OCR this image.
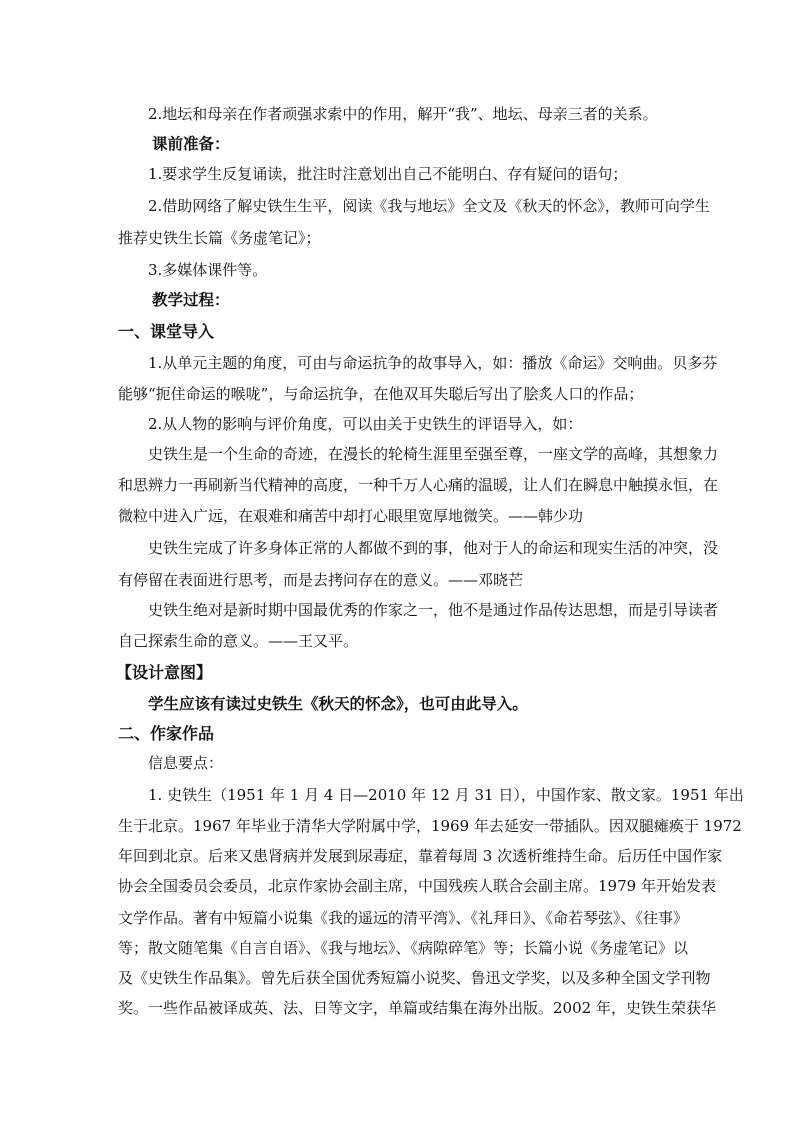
2.地坛和母亲在作者顽强求索中的作用，解开“我”、地坛、母亲三者的关系。
课前准备：
1.要求学生反复诵读，批注时注意划出自己不能明白、存有疑问的语句；
2.借助网络了解史铁生生平，阅读《我与地坛》全文及《秋天的怀念》，教师可向学生
推荐史铁生长篇《务虚笔记》；
3.多媒体课件等。
教学过程：
一、课堂导入
1.从单元主题的角度，可由与命运抗争的故事导入，如：播放《命运》交响曲。贝多芬
能够“扼住命运的喉咙”，与命运抗争，在他双耳失聪后写出了脍炙人口的作品；
2.从人物的影响与评价角度，可以由关于史铁生的评语导入，如：
史铁生是一个生命的奇迹，在漫长的轮椅生涯里至强至尊，一座文学的高峰，其想象力
和思辨力一再刷新当代精神的高度，一种千万人心痛的温暖，让人们在瞬息中触摸永恒，在
微粒中进入广远，在艰难和痛苦中却打心眼里宽厚地微笑。——韩少功
史铁生完成了许多身体正常的人都做不到的事，他对于人的命运和现实生活的冲突，没
有停留在表面进行思考，而是去拷问存在的意义。——邓晓芒
史铁生绝对是新时期中国最优秀的作家之一，他不是通过作品传达思想，而是引导读者
自己探索生命的意义。——王又平。
【设计意图】
学生应该有读过史铁生《秋天的怀念》，也可由此导入。
二、作家作品
信息要点：
1. 史铁生（1951 年 1 月 4 日—2010 年 12 月 31 日），中国作家、散文家。1951 年出
生于北京。1967 年毕业于清华大学附属中学，1969 年去延安一带插队。因双腿瘫痪于 1972
年回到北京。后来又患肾病并发展到尿毒症，靠着每周 3 次透析维持生命。后历任中国作家
协会全国委员会委员，北京作家协会副主席，中国残疾人联合会副主席。1979 年开始发表
文学作品。著有中短篇小说集《我的遥远的清平湾》、《礼拜日》、《命若琴弦》、《往事》
等；散文随笔集《自言自语》、《我与地坛》、《病隙碎笔》等；长篇小说《务虚笔记》以
及《史铁生作品集》。曾先后获全国优秀短篇小说奖、鲁迅文学奖，以及多种全国文学刊物
奖。一些作品被译成英、法、日等文字，单篇或结集在海外出版。2002 年，史铁生荣获华
